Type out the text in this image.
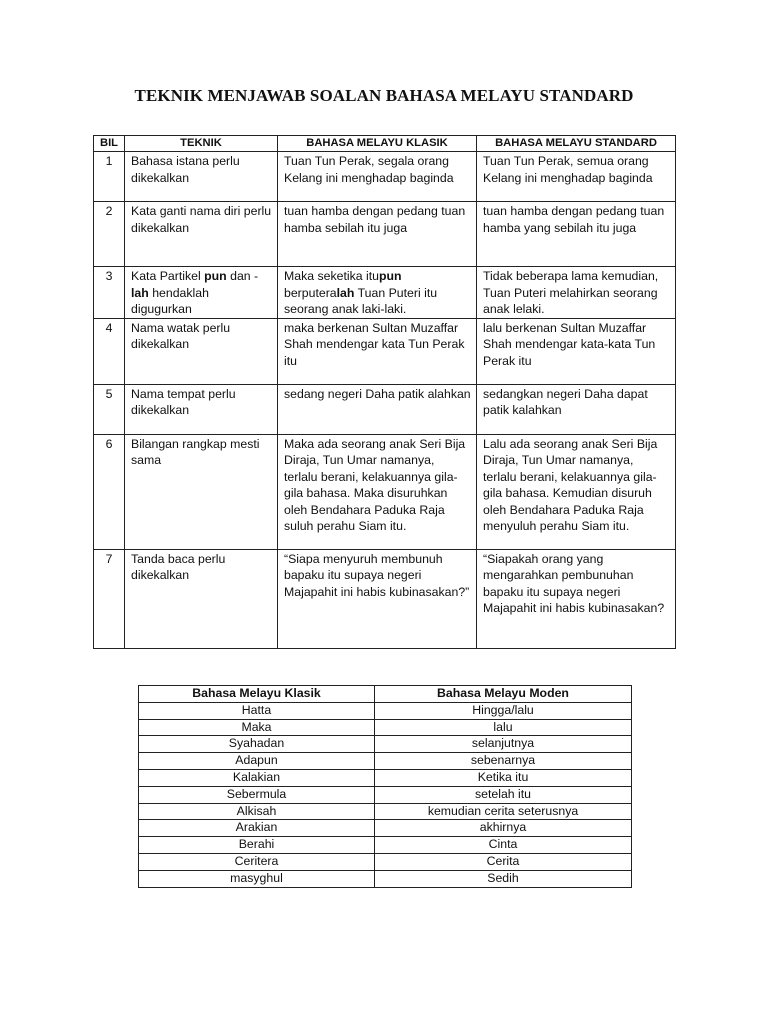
TEKNIK MENJAWAB SOALAN BAHASA MELAYU STANDARD
BIL	TEKNIK	BAHASA MELAYU KLASIK	BAHASA MELAYU STANDARD
1	Bahasa istana perlu dikekalkan	Tuan Tun Perak, segala orang Kelang ini menghadap baginda	Tuan Tun Perak, semua orang Kelang ini menghadap baginda
2	Kata ganti nama diri perlu dikekalkan	tuan hamba dengan pedang tuan hamba sebilah itu juga	tuan hamba dengan pedang tuan hamba yang sebilah itu juga
3	Kata Partikel pun dan - lah hendaklah digugurkan	Maka seketika itupun berputeralah Tuan Puteri itu seorang anak laki-laki.	Tidak beberapa lama kemudian, Tuan Puteri melahirkan seorang anak lelaki.
4	Nama watak perlu dikekalkan	maka berkenan Sultan Muzaffar Shah mendengar kata Tun Perak itu	lalu berkenan Sultan Muzaffar Shah mendengar kata-kata Tun Perak itu
5	Nama tempat perlu dikekalkan	sedang negeri Daha patik alahkan	sedangkan negeri Daha dapat patik kalahkan
6	Bilangan rangkap mesti sama	Maka ada seorang anak Seri Bija Diraja, Tun Umar namanya, terlalu berani, kelakuannya gila-gila bahasa. Maka disuruhkan oleh Bendahara Paduka Raja suluh perahu Siam itu.	Lalu ada seorang anak Seri Bija Diraja, Tun Umar namanya, terlalu berani, kelakuannya gila-gila bahasa. Kemudian disuruh oleh Bendahara Paduka Raja menyuluh perahu Siam itu.
7	Tanda baca perlu dikekalkan	“Siapa menyuruh membunuh bapaku itu supaya negeri Majapahit ini habis kubinasakan?”	“Siapakah orang yang mengarahkan pembunuhan bapaku itu supaya negeri Majapahit ini habis kubinasakan?
Bahasa Melayu Klasik	Bahasa Melayu Moden
Hatta	Hingga/lalu
Maka	lalu
Syahadan	selanjutnya
Adapun	sebenarnya
Kalakian	Ketika itu
Sebermula	setelah itu
Alkisah	kemudian cerita seterusnya
Arakian	akhirnya
Berahi	Cinta
Ceritera	Cerita
masyghul	Sedih
